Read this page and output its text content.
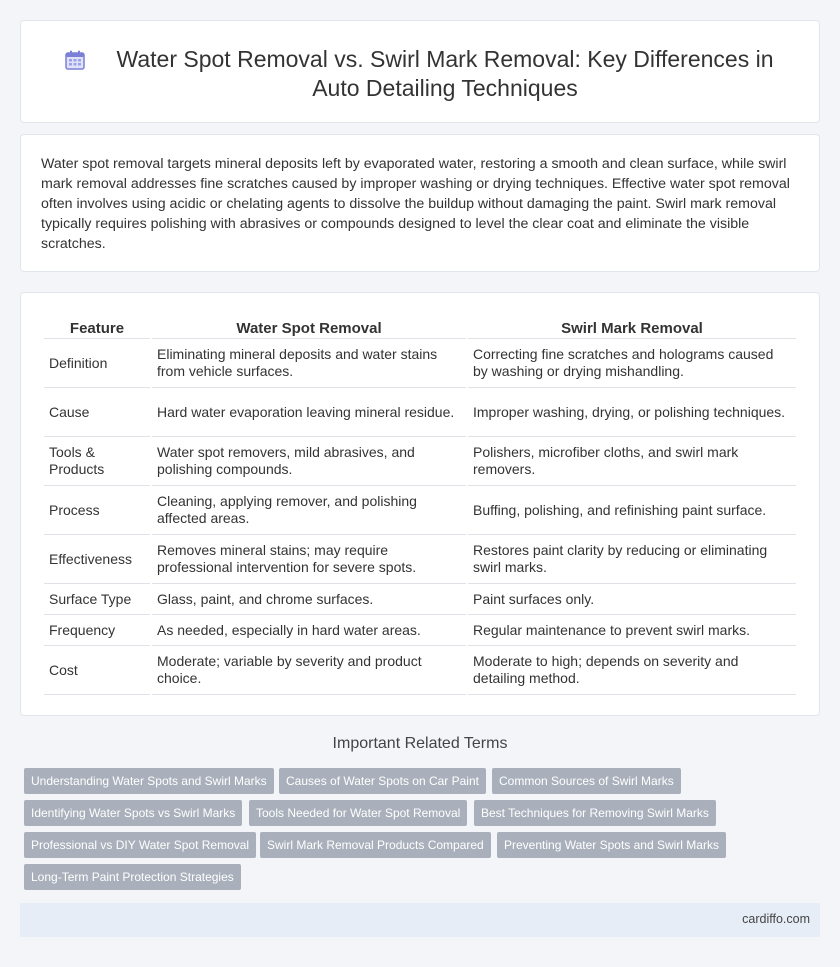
Water Spot Removal vs. Swirl Mark Removal: Key Differences in Auto Detailing Techniques

Water spot removal targets mineral deposits left by evaporated water, restoring a smooth and clean surface, while swirl mark removal addresses fine scratches caused by improper washing or drying techniques. Effective water spot removal often involves using acidic or chelating agents to dissolve the buildup without damaging the paint. Swirl mark removal typically requires polishing with abrasives or compounds designed to level the clear coat and eliminate the visible scratches.

Feature	Water Spot Removal	Swirl Mark Removal
Definition	Eliminating mineral deposits and water stains from vehicle surfaces.	Correcting fine scratches and holograms caused by washing or drying mishandling.
Cause	Hard water evaporation leaving mineral residue.	Improper washing, drying, or polishing techniques.
Tools & Products	Water spot removers, mild abrasives, and polishing compounds.	Polishers, microfiber cloths, and swirl mark removers.
Process	Cleaning, applying remover, and polishing affected areas.	Buffing, polishing, and refinishing paint surface.
Effectiveness	Removes mineral stains; may require professional intervention for severe spots.	Restores paint clarity by reducing or eliminating swirl marks.
Surface Type	Glass, paint, and chrome surfaces.	Paint surfaces only.
Frequency	As needed, especially in hard water areas.	Regular maintenance to prevent swirl marks.
Cost	Moderate; variable by severity and product choice.	Moderate to high; depends on severity and detailing method.
Important Related Terms
Understanding Water Spots and Swirl Marks	Causes of Water Spots on Car Paint	Common Sources of Swirl Marks
Identifying Water Spots vs Swirl Marks	Tools Needed for Water Spot Removal	Best Techniques for Removing Swirl Marks
Professional vs DIY Water Spot Removal	Swirl Mark Removal Products Compared	Preventing Water Spots and Swirl Marks
Long-Term Paint Protection Strategies
cardiffo.com
